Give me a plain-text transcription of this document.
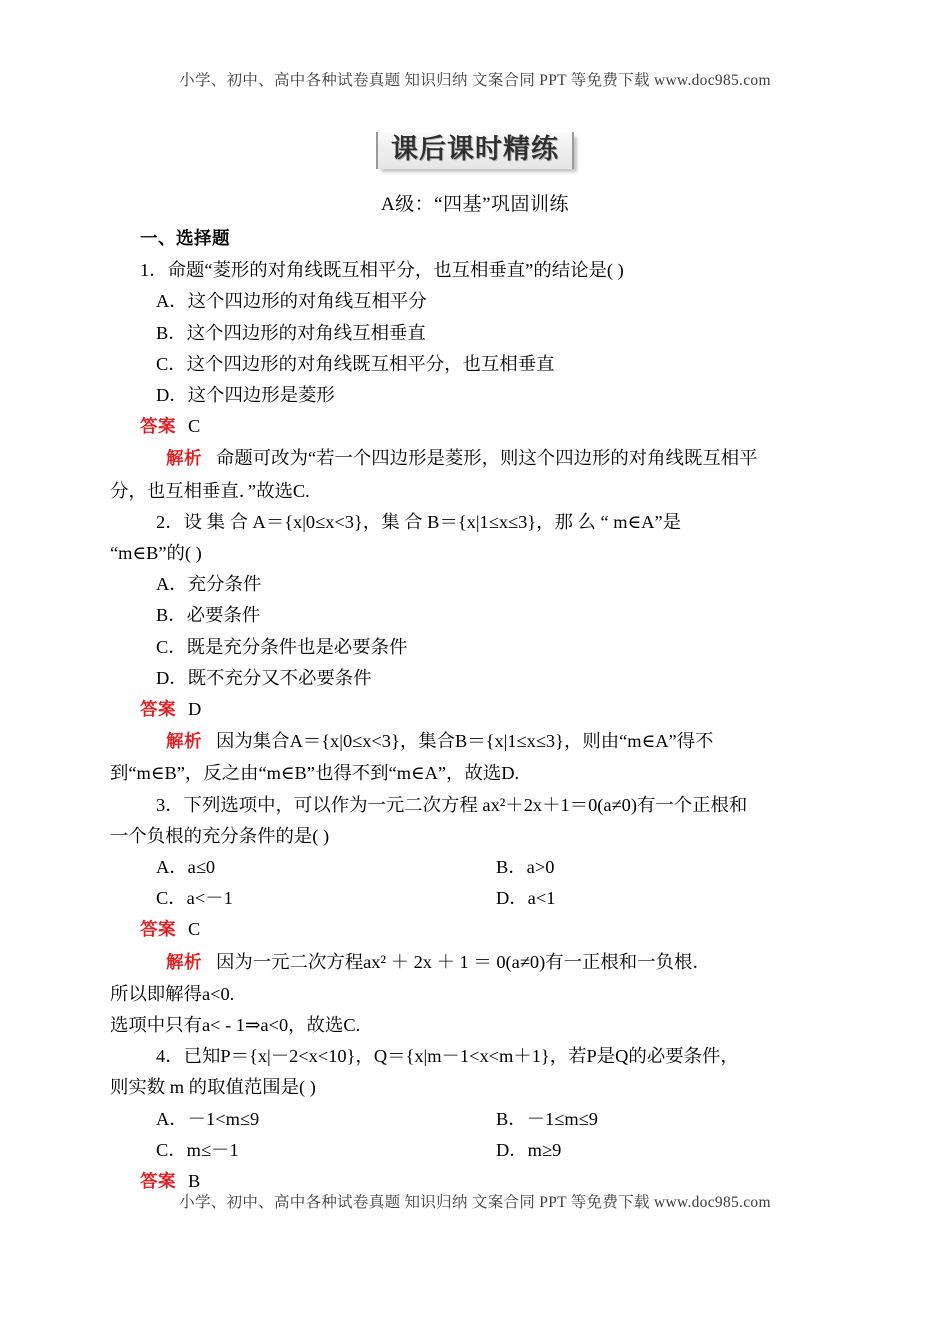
小学、初中、高中各种试卷真题 知识归纳 文案合同 PPT 等免费下载 www.doc985.com
课后课时精练
A级：“四基”巩固训练
一、选择题
1．命题“菱形的对角线既互相平分，也互相垂直”的结论是( )
A．这个四边形的对角线互相平分
B．这个四边形的对角线互相垂直
C．这个四边形的对角线既互相平分，也互相垂直
D．这个四边形是菱形
答案 C
解析 命题可改为“若一个四边形是菱形，则这个四边形的对角线既互相平
分，也互相垂直．”故选C.
2．设 集 合 A＝{x|0≤x<3}，集 合 B＝{x|1≤x≤3}，那 么 “ m∈A”是
“m∈B”的( )
A．充分条件
B．必要条件
C．既是充分条件也是必要条件
D．既不充分又不必要条件
答案 D
解析 因为集合A＝{x|0≤x<3}，集合B＝{x|1≤x≤3}，则由“m∈A”得不
到“m∈B”，反之由“m∈B”也得不到“m∈A”，故选D.
3．下列选项中，可以作为一元二次方程 ax²＋2x＋1＝0(a≠0)有一个正根和
一个负根的充分条件的是( )
A．a≤0	B．a>0
C．a<－1	D．a<1
答案 C
解析 因为一元二次方程ax² ＋ 2x ＋ 1 ＝ 0(a≠0)有一正根和一负根．
所以即解得a<0.
选项中只有a< - 1⇒a<0，故选C.
4．已知P＝{x|－2<x<10}，Q＝{x|m－1<x<m＋1}，若P是Q的必要条件，
则实数 m 的取值范围是( )
A．－1<m≤9	B．－1≤m≤9
C．m≤－1	D．m≥9
答案 B
小学、初中、高中各种试卷真题 知识归纳 文案合同 PPT 等免费下载 www.doc985.com
